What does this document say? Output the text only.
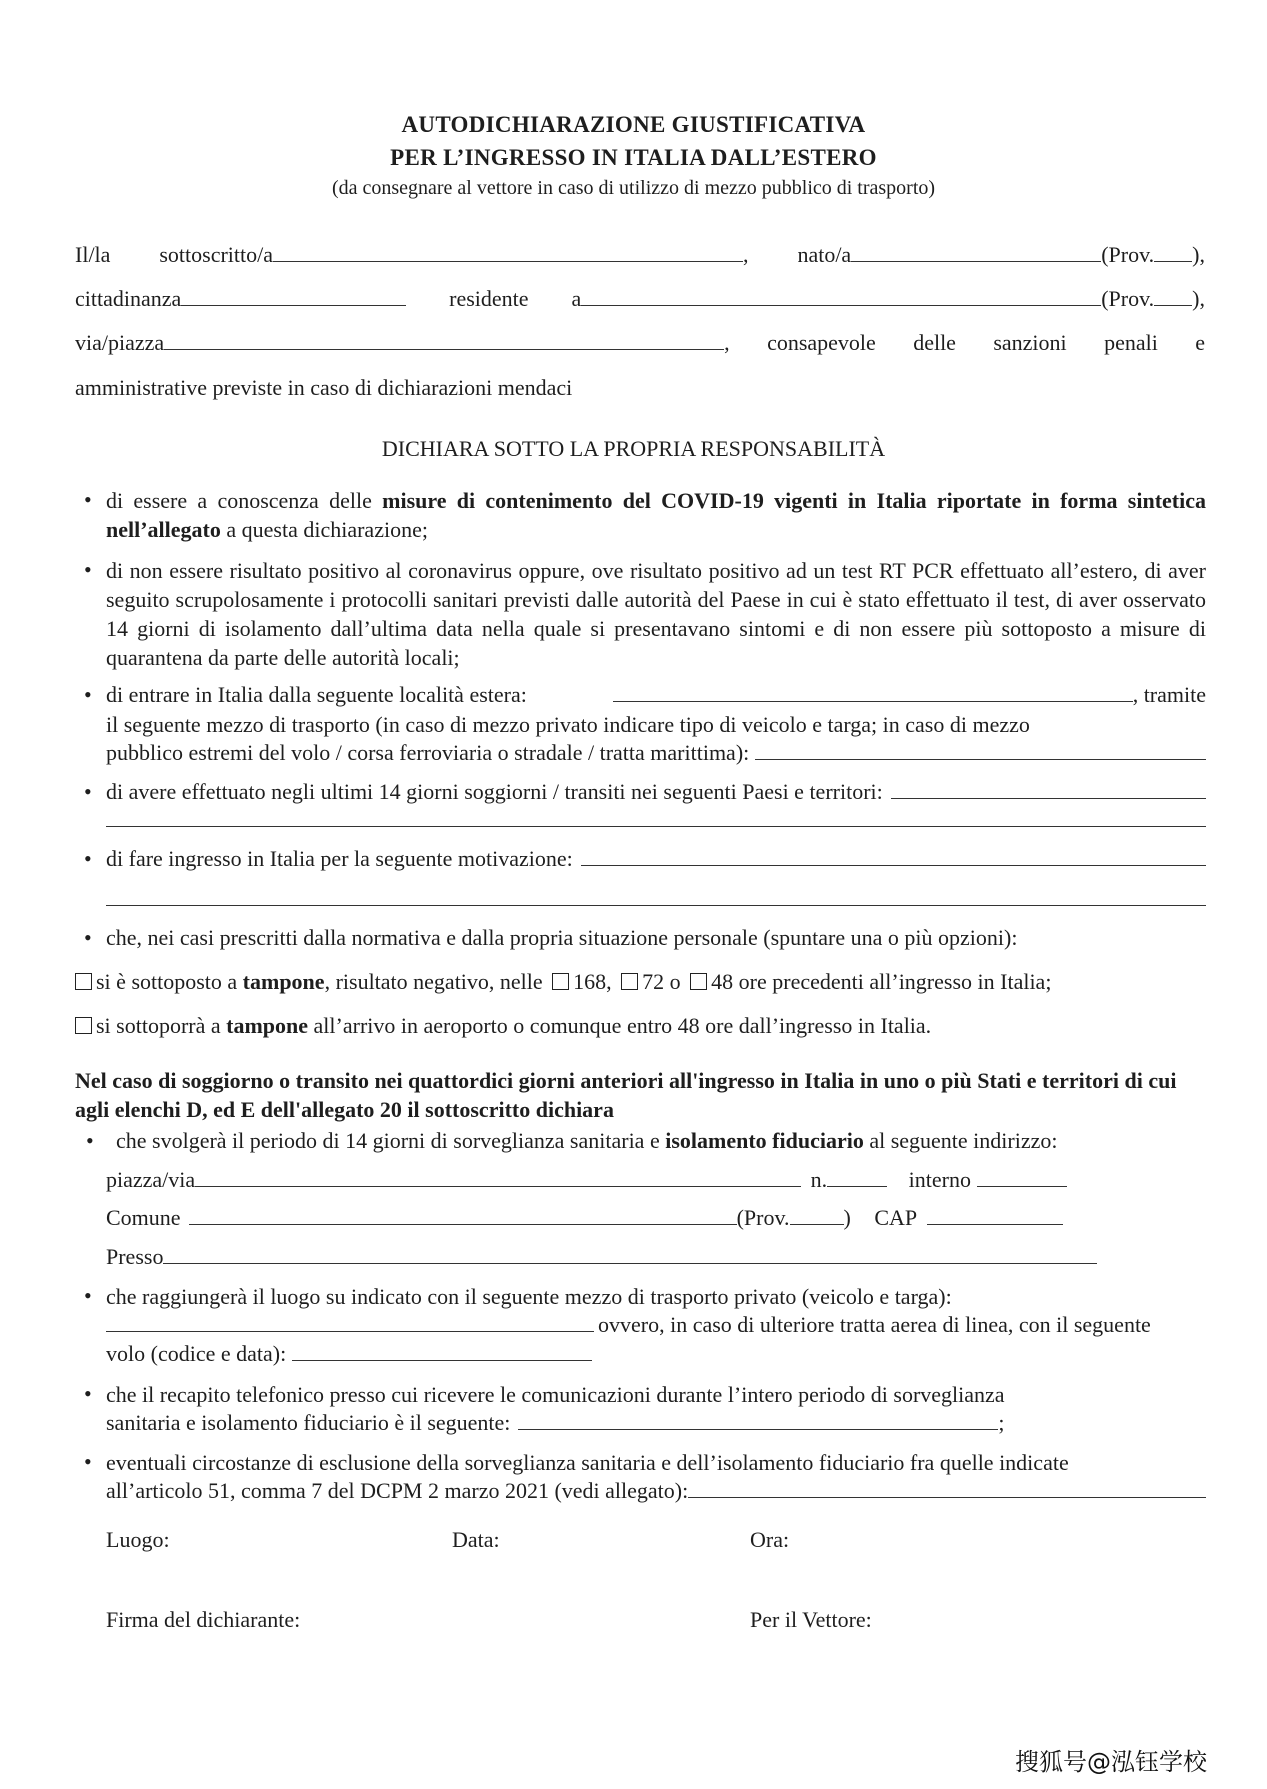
AUTODICHIARAZIONE GIUSTIFICATIVA
PER L’INGRESSO IN ITALIA DALL’ESTERO
(da consegnare al vettore in caso di utilizzo di mezzo pubblico di trasporto)
Il/la sottoscritto/a	, nato/a	(Prov. ),
cittadinanza	residente a	(Prov. ),
via/piazza	, consapevole delle sanzioni penali e
amministrative previste in caso di dichiarazioni mendaci
DICHIARA SOTTO LA PROPRIA RESPONSABILITÀ
•
di essere a conoscenza delle misure di contenimento del COVID-19 vigenti in Italia riportate in forma sintetica nell’allegato a questa dichiarazione;
•
di non essere risultato positivo al coronavirus oppure, ove risultato positivo ad un test RT PCR effettuato all’estero, di aver seguito scrupolosamente i protocolli sanitari previsti dalle autorità del Paese in cui è stato effettuato il test, di aver osservato 14 giorni di isolamento dall’ultima data nella quale si presentavano sintomi e di non essere più sottoposto a misure di quarantena da parte delle autorità locali;
•
di entrare in Italia dalla seguente località estera:	, tramite
il seguente mezzo di trasporto (in caso di mezzo privato indicare tipo di veicolo e targa; in caso di mezzo
pubblico estremi del volo / corsa ferroviaria o stradale / tratta marittima):
•
di avere effettuato negli ultimi 14 giorni soggiorni / transiti nei seguenti Paesi e territori:
•
di fare ingresso in Italia per la seguente motivazione:
•
che, nei casi prescritti dalla normativa e dalla propria situazione personale (spuntare una o più opzioni):
si è sottoposto a tampone, risultato negativo, nelle 168, 72 o 48 ore precedenti all’ingresso in Italia;
si sottoporrà a tampone all’arrivo in aeroporto o comunque entro 48 ore dall’ingresso in Italia.
Nel caso di soggiorno o transito nei quattordici giorni anteriori all'ingresso in Italia in uno o più Stati e territori di cui agli elenchi D, ed E dell'allegato 20 il sottoscritto dichiara
•
che svolgerà il periodo di 14 giorni di sorveglianza sanitaria e isolamento fiduciario al seguente indirizzo:
piazza/via	n.	interno
Comune	(Prov. ) CAP
Presso
•
che raggiungerà il luogo su indicato con il seguente mezzo di trasporto privato (veicolo e targa):
ovvero, in caso di ulteriore tratta aerea di linea, con il seguente
volo (codice e data):
•
che il recapito telefonico presso cui ricevere le comunicazioni durante l’intero periodo di sorveglianza
sanitaria e isolamento fiduciario è il seguente:	;
•
eventuali circostanze di esclusione della sorveglianza sanitaria e dell’isolamento fiduciario fra quelle indicate
all’articolo 51, comma 7 del DCPM 2 marzo 2021 (vedi allegato):
Luogo:	Data:	Ora:
Firma del dichiarante:	Per il Vettore:
搜狐号@泓钰学校
